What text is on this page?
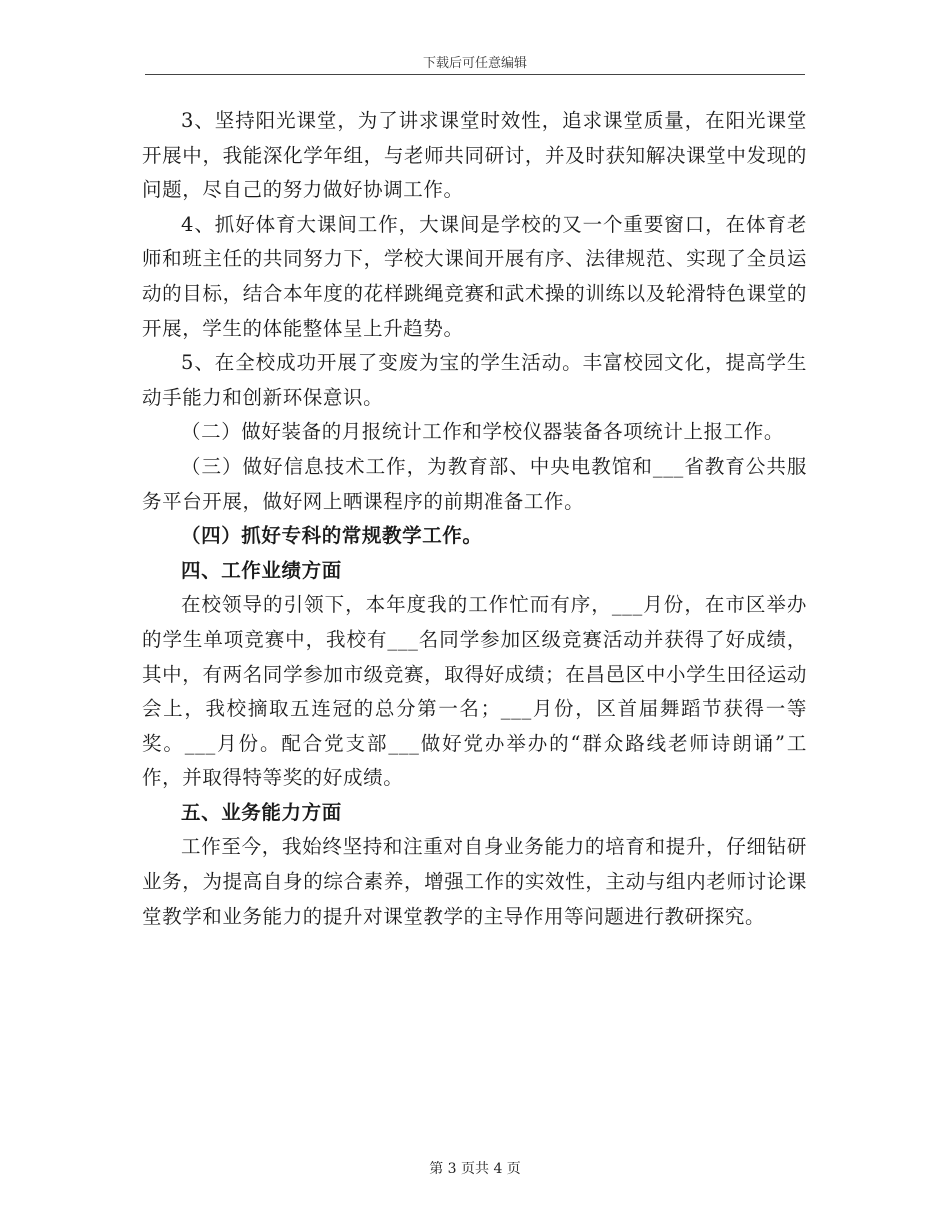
下载后可任意编辑

3、坚持阳光课堂，为了讲求课堂时效性，追求课堂质量，在阳光课堂开展中，我能深化学年组，与老师共同研讨，并及时获知解决课堂中发现的问题，尽自己的努力做好协调工作。

4、抓好体育大课间工作，大课间是学校的又一个重要窗口，在体育老师和班主任的共同努力下，学校大课间开展有序、法律规范、实现了全员运动的目标，结合本年度的花样跳绳竞赛和武术操的训练以及轮滑特色课堂的开展，学生的体能整体呈上升趋势。

5、在全校成功开展了变废为宝的学生活动。丰富校园文化，提高学生动手能力和创新环保意识。

（二）做好装备的月报统计工作和学校仪器装备各项统计上报工作。

（三）做好信息技术工作，为教育部、中央电教馆和___省教育公共服务平台开展，做好网上晒课程序的前期准备工作。

（四）抓好专科的常规教学工作。

四、工作业绩方面

在校领导的引领下，本年度我的工作忙而有序，___月份，在市区举办的学生单项竞赛中，我校有___名同学参加区级竞赛活动并获得了好成绩，其中，有两名同学参加市级竞赛，取得好成绩；在昌邑区中小学生田径运动会上，我校摘取五连冠的总分第一名；___月份，区首届舞蹈节获得一等奖。___月份。配合党支部___做好党办举办的“群众路线老师诗朗诵”工作，并取得特等奖的好成绩。

五、业务能力方面

工作至今，我始终坚持和注重对自身业务能力的培育和提升，仔细钻研业务，为提高自身的综合素养，增强工作的实效性，主动与组内老师讨论课堂教学和业务能力的提升对课堂教学的主导作用等问题进行教研探究。

第 3 页共 4 页
